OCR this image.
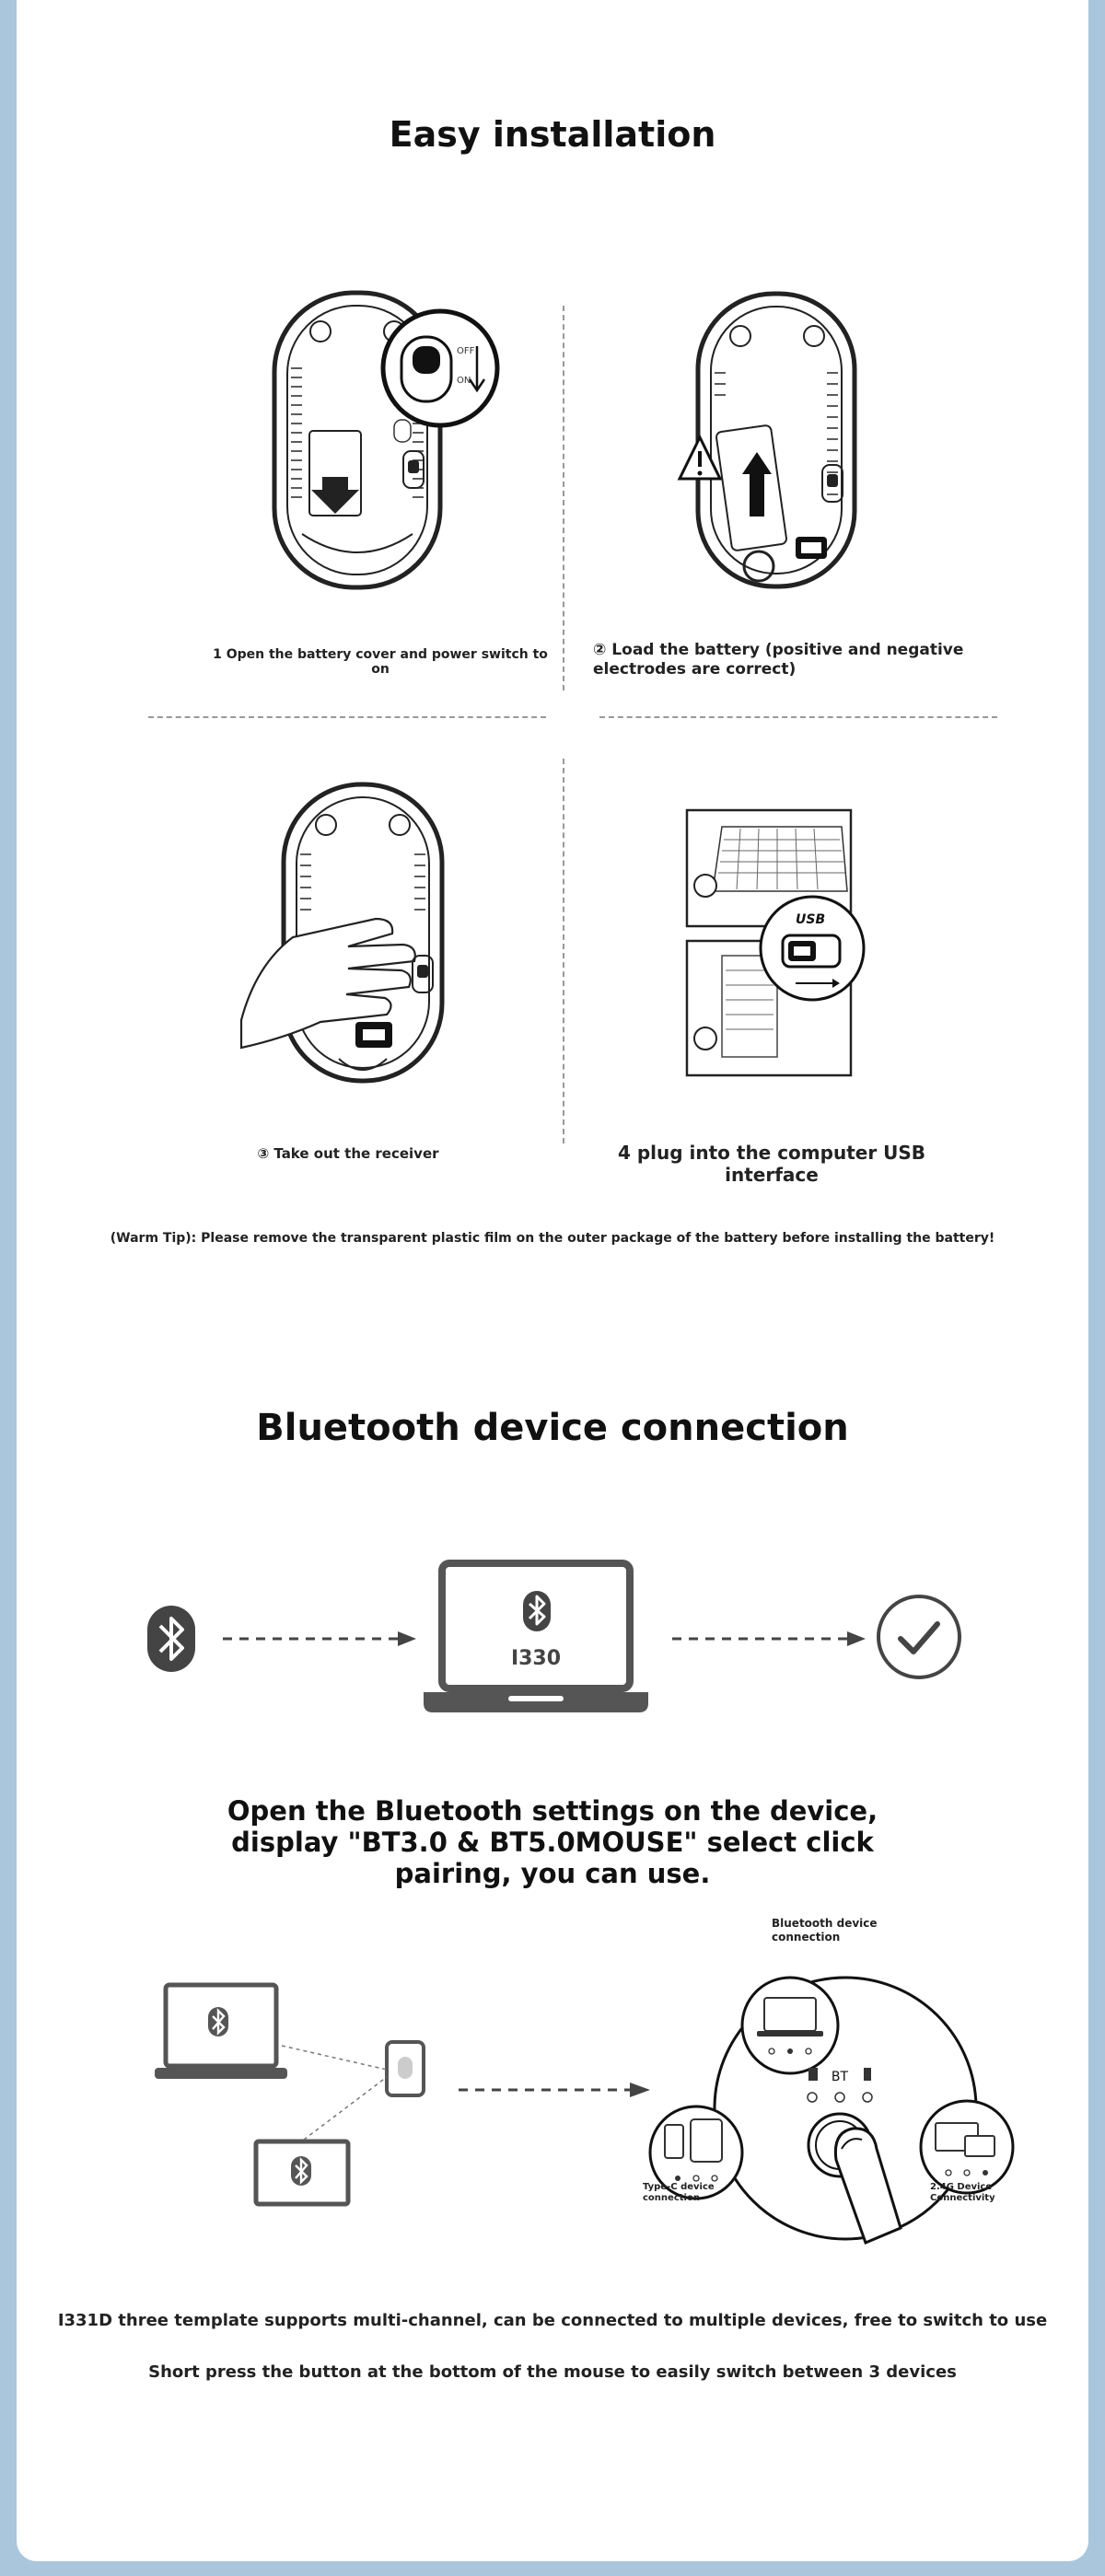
Easy installation
OFF
ON
1 Open the battery cover and power switch to on
② Load the battery (positive and negative electrodes are correct)
③ Take out the receiver
USB
4 plug into the computer USB interface
(Warm Tip): Please remove the transparent plastic film on the outer package of the battery before installing the battery!
Bluetooth device connection
I330
Open the Bluetooth settings on the device, display "BT3.0 & BT5.0MOUSE" select click pairing, you can use.
Bluetooth device connection
BT
Type-C device connection
2.4G Device Connectivity
I331D three template supports multi-channel, can be connected to multiple devices, free to switch to use
Short press the button at the bottom of the mouse to easily switch between 3 devices
